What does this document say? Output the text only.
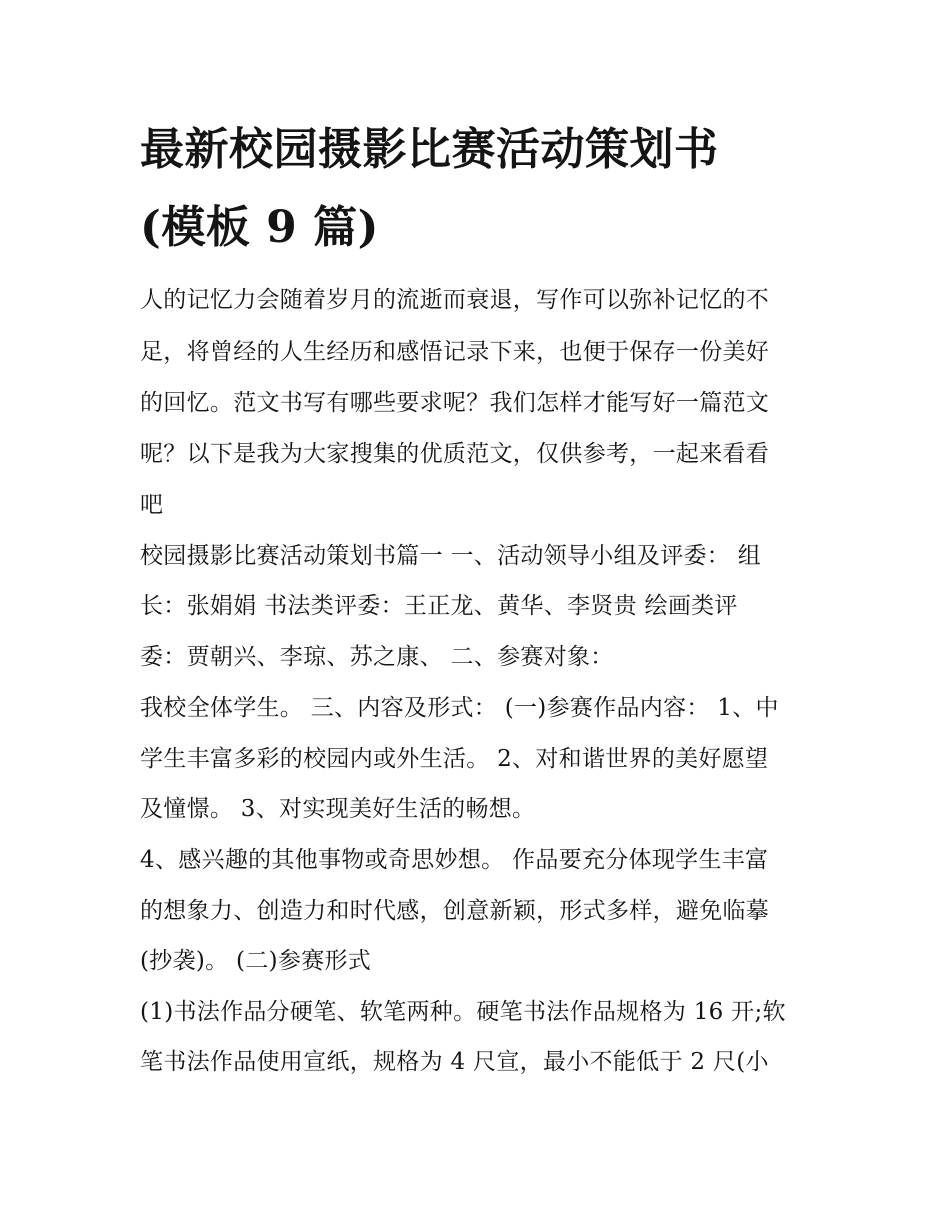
最新校园摄影比赛活动策划书
(模板 9 篇)
人的记忆力会随着岁月的流逝而衰退，写作可以弥补记忆的不
足，将曾经的人生经历和感悟记录下来，也便于保存一份美好
的回忆。范文书写有哪些要求呢？我们怎样才能写好一篇范文
呢？以下是我为大家搜集的优质范文，仅供参考，一起来看看
吧
校园摄影比赛活动策划书篇一 一、活动领导小组及评委： 组
长：张娟娟 书法类评委：王正龙、黄华、李贤贵 绘画类评
委：贾朝兴、李琼、苏之康、 二、参赛对象：
我校全体学生。 三、内容及形式： (一)参赛作品内容： 1、中
学生丰富多彩的校园内或外生活。 2、对和谐世界的美好愿望
及憧憬。 3、对实现美好生活的畅想。
4、感兴趣的其他事物或奇思妙想。 作品要充分体现学生丰富
的想象力、创造力和时代感，创意新颖，形式多样，避免临摹
(抄袭)。 (二)参赛形式
(1)书法作品分硬笔、软笔两种。硬笔书法作品规格为 16 开;软
笔书法作品使用宣纸，规格为 4 尺宣，最小不能低于 2 尺(小
